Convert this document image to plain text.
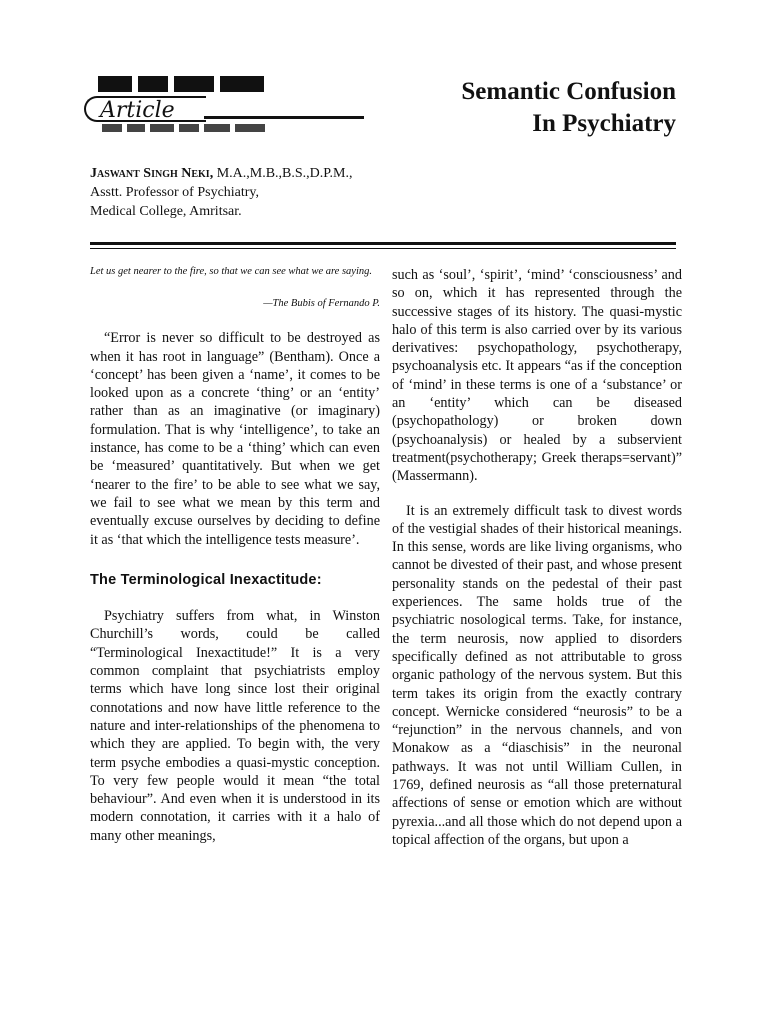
Article
Semantic Confusion
In Psychiatry
Jaswant Singh Neki, M.A.,M.B.,B.S.,D.P.M.,
Asstt. Professor of Psychiatry,
Medical College, Amritsar.

Let us get nearer to the fire, so that we can see what we are saying.

—The Bubis of Fernando P.

“Error is never so difficult to be destroyed as when it has root in language” (Bentham). Once a ‘concept’ has been given a ‘name’, it comes to be looked upon as a concrete ‘thing’ or an ‘entity’ rather than as an imaginative (or imaginary) formulation. That is why ‘intelligence’, to take an instance, has come to be a ‘thing’ which can even be ‘measured’ quantitatively. But when we get ‘nearer to the fire’ to be able to see what we say, we fail to see what we mean by this term and eventually excuse ourselves by deciding to define it as ‘that which the intelligence tests measure’.

The Terminological Inexactitude:

Psychiatry suffers from what, in Winston Churchill’s words, could be called “Terminological Inexactitude!” It is a very common complaint that psychiatrists employ terms which have long since lost their original connotations and now have little reference to the nature and inter-relationships of the phenomena to which they are applied. To begin with, the very term psyche embodies a quasi-mystic conception. To very few people would it mean “the total behaviour”. And even when it is understood in its modern connotation, it carries with it a halo of many other meanings,

such as ‘soul’, ‘spirit’, ‘mind’ ‘consciousness’ and so on, which it has represented through the successive stages of its history. The quasi-mystic halo of this term is also carried over by its various derivatives: psychopathology, psychotherapy, psychoanalysis etc. It appears “as if the conception of ‘mind’ in these terms is one of a ‘substance’ or an ‘entity’ which can be diseased (psychopathology) or broken down (psychoanalysis) or healed by a subservient treatment(psychotherapy; Greek theraps=servant)” (Massermann).

It is an extremely difficult task to divest words of the vestigial shades of their historical meanings. In this sense, words are like living organisms, who cannot be divested of their past, and whose present personality stands on the pedestal of their past experiences. The same holds true of the psychiatric nosological terms. Take, for instance, the term neurosis, now applied to disorders specifically defined as not attributable to gross organic pathology of the nervous system. But this term takes its origin from the exactly contrary concept. Wernicke considered “neurosis” to be a “rejunction” in the nervous channels, and von Monakow as a “diaschisis” in the neuronal pathways. It was not until William Cullen, in 1769, defined neurosis as “all those preternatural affections of sense or emotion which are without pyrexia...and all those which do not depend upon a topical affection of the organs, but upon a
